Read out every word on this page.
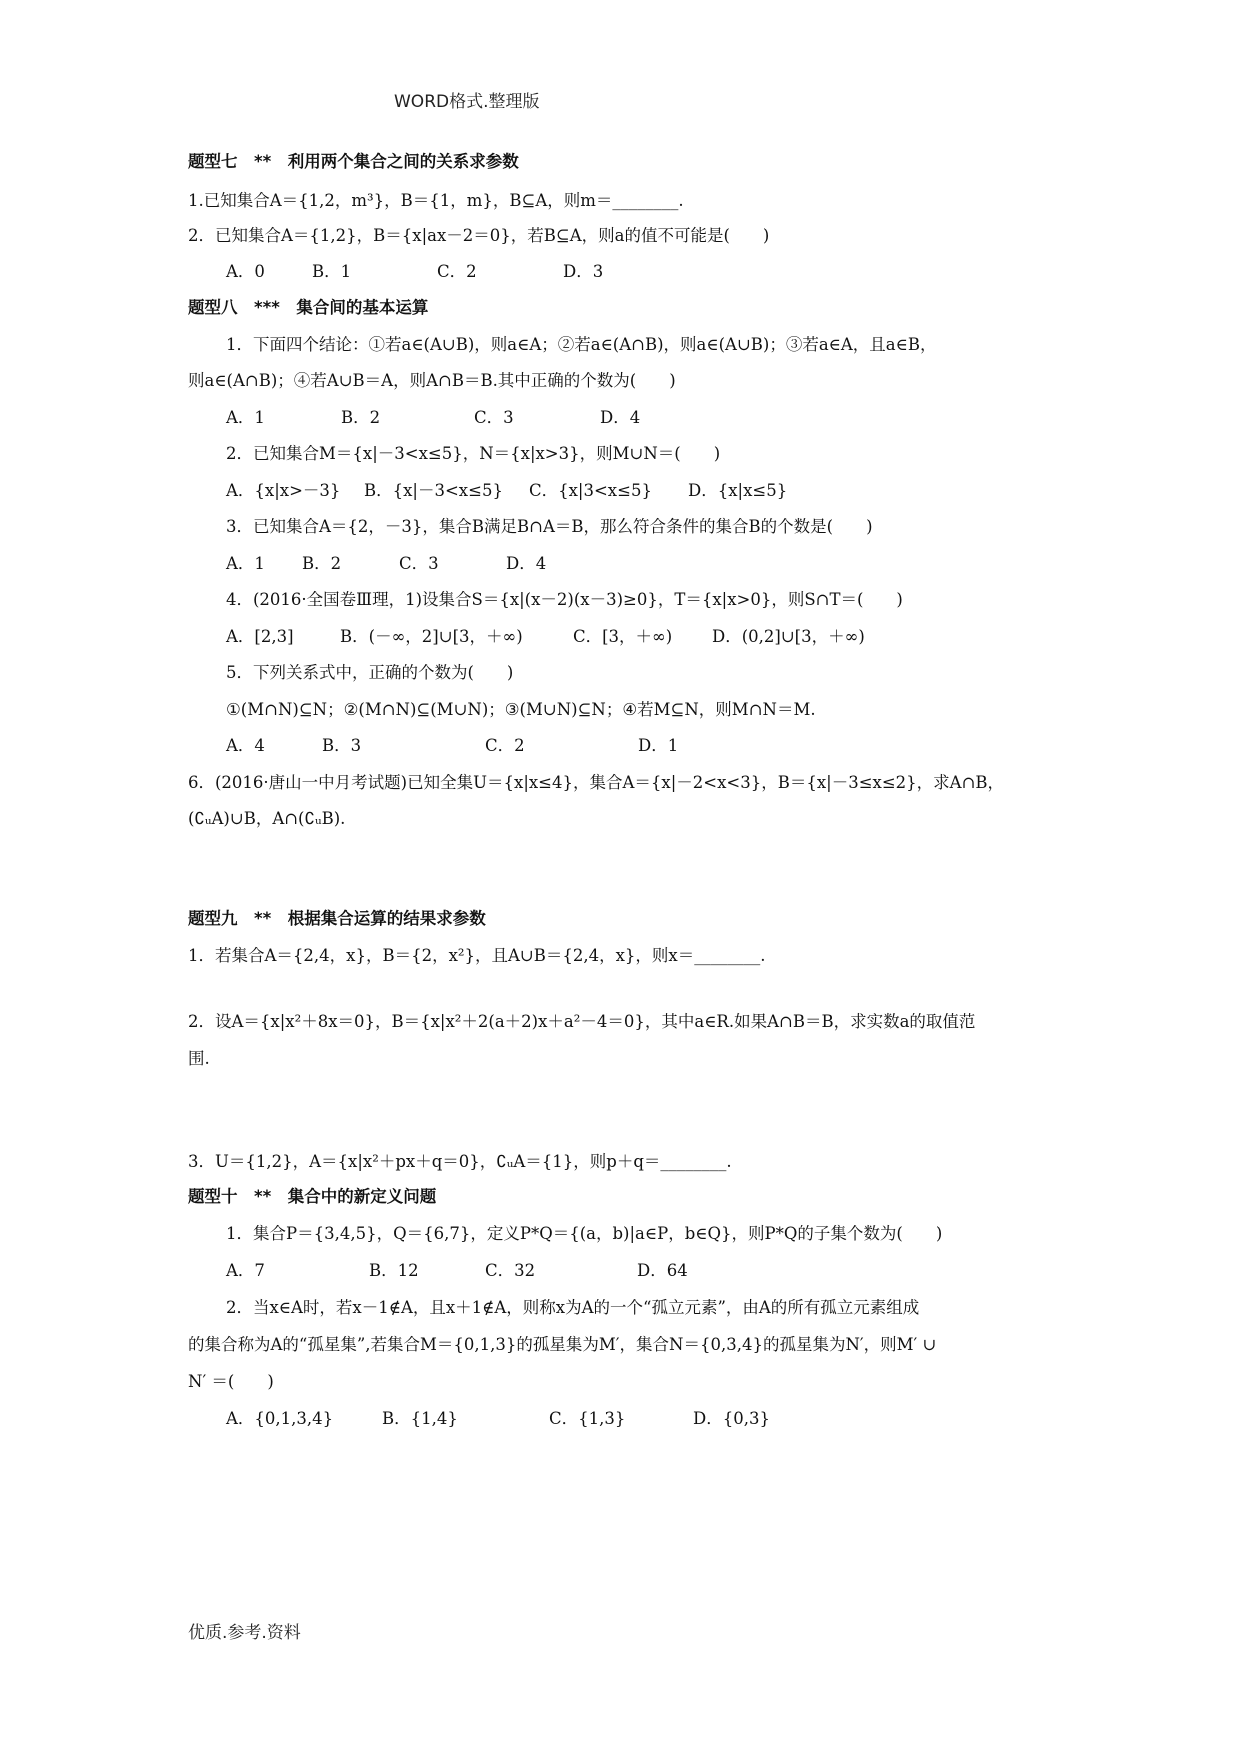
WORD格式.整理版
题型七　**　利用两个集合之间的关系求参数
1.已知集合A＝{1,2，m³}，B＝{1，m}，B⊆A，则m＝________.
2．已知集合A＝{1,2}，B＝{x|ax－2＝0}，若B⊆A，则a的值不可能是(　　)
A．0	B．1	C．2	D．3
题型八　***　集合间的基本运算
1．下面四个结论：①若a∈(A∪B)，则a∈A；②若a∈(A∩B)，则a∈(A∪B)；③若a∈A，且a∈B，
则a∈(A∩B)；④若A∪B＝A，则A∩B＝B.其中正确的个数为(　　)
A．1	B．2	C．3	D．4
2．已知集合M＝{x|－3<x≤5}，N＝{x|x>3}，则M∪N＝(　　)
A．{x|x>－3} B．{x|－3<x≤5} C．{x|3<x≤5} D．{x|x≤5}
3．已知集合A＝{2，－3}，集合B满足B∩A＝B，那么符合条件的集合B的个数是(　　)
A．1 B．2	C．3	D．4
4．(2016·全国卷Ⅲ理，1)设集合S＝{x|(x－2)(x－3)≥0}，T＝{x|x>0}，则S∩T＝(　　)
A．[2,3]	B．(－∞，2]∪[3，＋∞)	C．[3，＋∞) D．(0,2]∪[3，＋∞)
5．下列关系式中，正确的个数为(　　)
①(M∩N)⊆N；②(M∩N)⊆(M∪N)；③(M∪N)⊆N；④若M⊆N，则M∩N＝M.
A．4	B．3	C．2	D．1
6．(2016·唐山一中月考试题)已知全集U＝{x|x≤4}，集合A＝{x|－2<x<3}，B＝{x|－3≤x≤2}，求A∩B，
(∁ᵤA)∪B，A∩(∁ᵤB).
题型九　**　根据集合运算的结果求参数
1．若集合A＝{2,4，x}，B＝{2，x²}，且A∪B＝{2,4，x}，则x＝________.
2．设A＝{x|x²＋8x＝0}，B＝{x|x²＋2(a＋2)x＋a²－4＝0}，其中a∈R.如果A∩B＝B，求实数a的取值范
围.
3．U＝{1,2}，A＝{x|x²＋px＋q＝0}，∁ᵤA＝{1}，则p＋q＝________.
题型十　**　集合中的新定义问题
1．集合P＝{3,4,5}，Q＝{6,7}，定义P*Q＝{(a，b)|a∈P，b∈Q}，则P*Q的子集个数为(　　)
A．7	B．12	C．32	D．64
2．当x∈A时，若x－1∉A，且x＋1∉A，则称x为A的一个“孤立元素”，由A的所有孤立元素组成
的集合称为A的“孤星集”,若集合M＝{0,1,3}的孤星集为M′，集合N＝{0,3,4}的孤星集为N′，则M′ ∪
N′ ＝(　　)
A．{0,1,3,4}	B．{1,4}	C．{1,3}	D．{0,3}
优质.参考.资料
